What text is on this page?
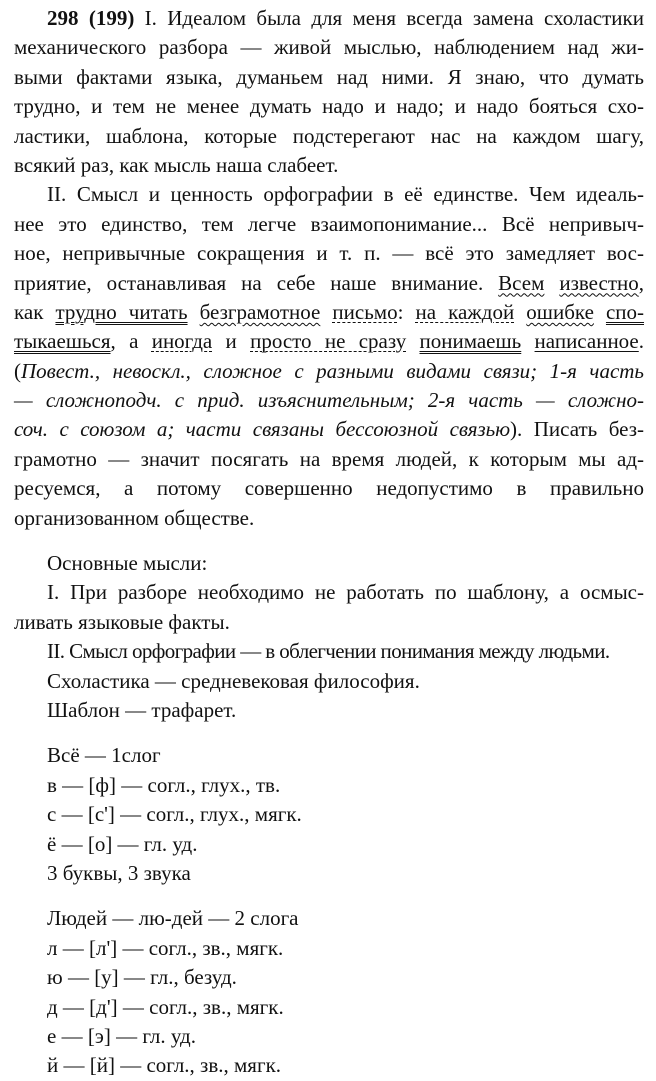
298 (199) I. Идеалом была для меня всегда замена схоластики
механического разбора — живой мыслью, наблюдением над жи-
выми фактами языка, думаньем над ними. Я знаю, что думать
трудно, и тем не менее думать надо и надо; и надо бояться схо-
ластики, шаблона, которые подстерегают нас на каждом шагу,
всякий раз, как мысль наша слабеет.
II. Смысл и ценность орфографии в её единстве. Чем идеаль-
нее это единство, тем легче взаимопонимание... Всё непривыч-
ное, непривычные сокращения и т. п. — всё это замедляет вос-
приятие, останавливая на себе наше внимание. Всем известно,
как трудно читать безграмотное письмо: на каждой ошибке спо-
тыкаешься, а иногда и просто не сразу понимаешь написанное.
(Повест., невоскл., сложное с разными видами связи; 1-я часть
— сложноподч. с прид. изъяснительным; 2-я часть — сложно-
соч. с союзом а; части связаны бессоюзной связью). Писать без-
грамотно — значит посягать на время людей, к которым мы ад-
ресуемся, а потому совершенно недопустимо в правильно
организованном обществе.
Основные мысли:
I. При разборе необходимо не работать по шаблону, а осмыс-
ливать языковые факты.
II. Смысл орфографии — в облегчении понимания между людьми.
Схоластика — средневековая философия.
Шаблон — трафарет.
Всё — 1слог
в — [ф] — согл., глух., тв.
с — [с'] — согл., глух., мягк.
ё — [о] — гл. уд.
3 буквы, 3 звука
Людей — лю-дей — 2 слога
л — [л'] — согл., зв., мягк.
ю — [у] — гл., безуд.
д — [д'] — согл., зв., мягк.
е — [э] — гл. уд.
й — [й] — согл., зв., мягк.
